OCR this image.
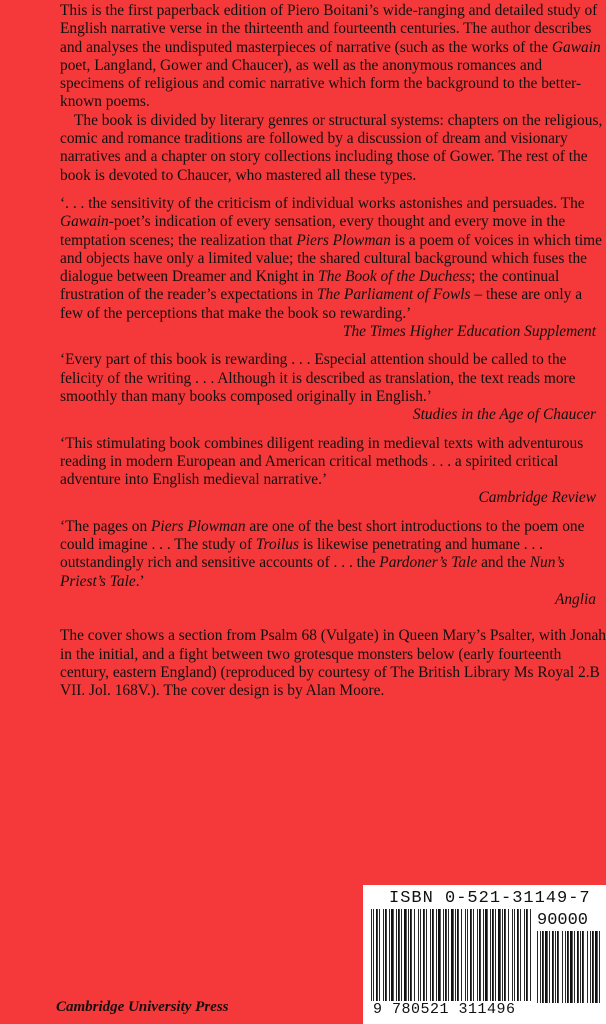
This is the first paperback edition of Piero Boitani’s wide-ranging and detailed study of English narrative verse in the thirteenth and fourteenth centuries. The author describes and analyses the undisputed masterpieces of narrative (such as the works of the Gawain poet, Langland, Gower and Chaucer), as well as the anonymous romances and specimens of religious and comic narrative which form the background to the better-known poems.

The book is divided by literary genres or structural systems: chapters on the religious, comic and romance traditions are followed by a discussion of dream and visionary narratives and a chapter on story collections including those of Gower. The rest of the book is devoted to Chaucer, who mastered all these types.

‘. . . the sensitivity of the criticism of individual works astonishes and persuades. The Gawain-poet’s indication of every sensation, every thought and every move in the temptation scenes; the realization that Piers Plowman is a poem of voices in which time and objects have only a limited value; the shared cultural background which fuses the dialogue between Dreamer and Knight in The Book of the Duchess; the continual frustration of the reader’s expectations in The Parliament of Fowls – these are only a few of the perceptions that make the book so rewarding.’

The Times Higher Education Supplement

‘Every part of this book is rewarding . . . Especial attention should be called to the felicity of the writing . . . Although it is described as translation, the text reads more smoothly than many books composed originally in English.’

Studies in the Age of Chaucer

‘This stimulating book combines diligent reading in medieval texts with adventurous reading in modern European and American critical methods . . . a spirited critical adventure into English medieval narrative.’

Cambridge Review

‘The pages on Piers Plowman are one of the best short introductions to the poem one could imagine . . . The study of Troilus is likewise penetrating and humane . . . outstandingly rich and sensitive accounts of . . . the Pardoner’s Tale and the Nun’s Priest’s Tale.’

Anglia

The cover shows a section from Psalm 68 (Vulgate) in Queen Mary’s Psalter, with Jonah in the initial, and a fight between two grotesque monsters below (early fourteenth century, eastern England) (reproduced by courtesy of The British Library Ms Royal 2.B VII. Jol. 168V.). The cover design is by Alan Moore.

Cambridge University Press
ISBN 0-521-31149-7
90000
9 780521 311496
